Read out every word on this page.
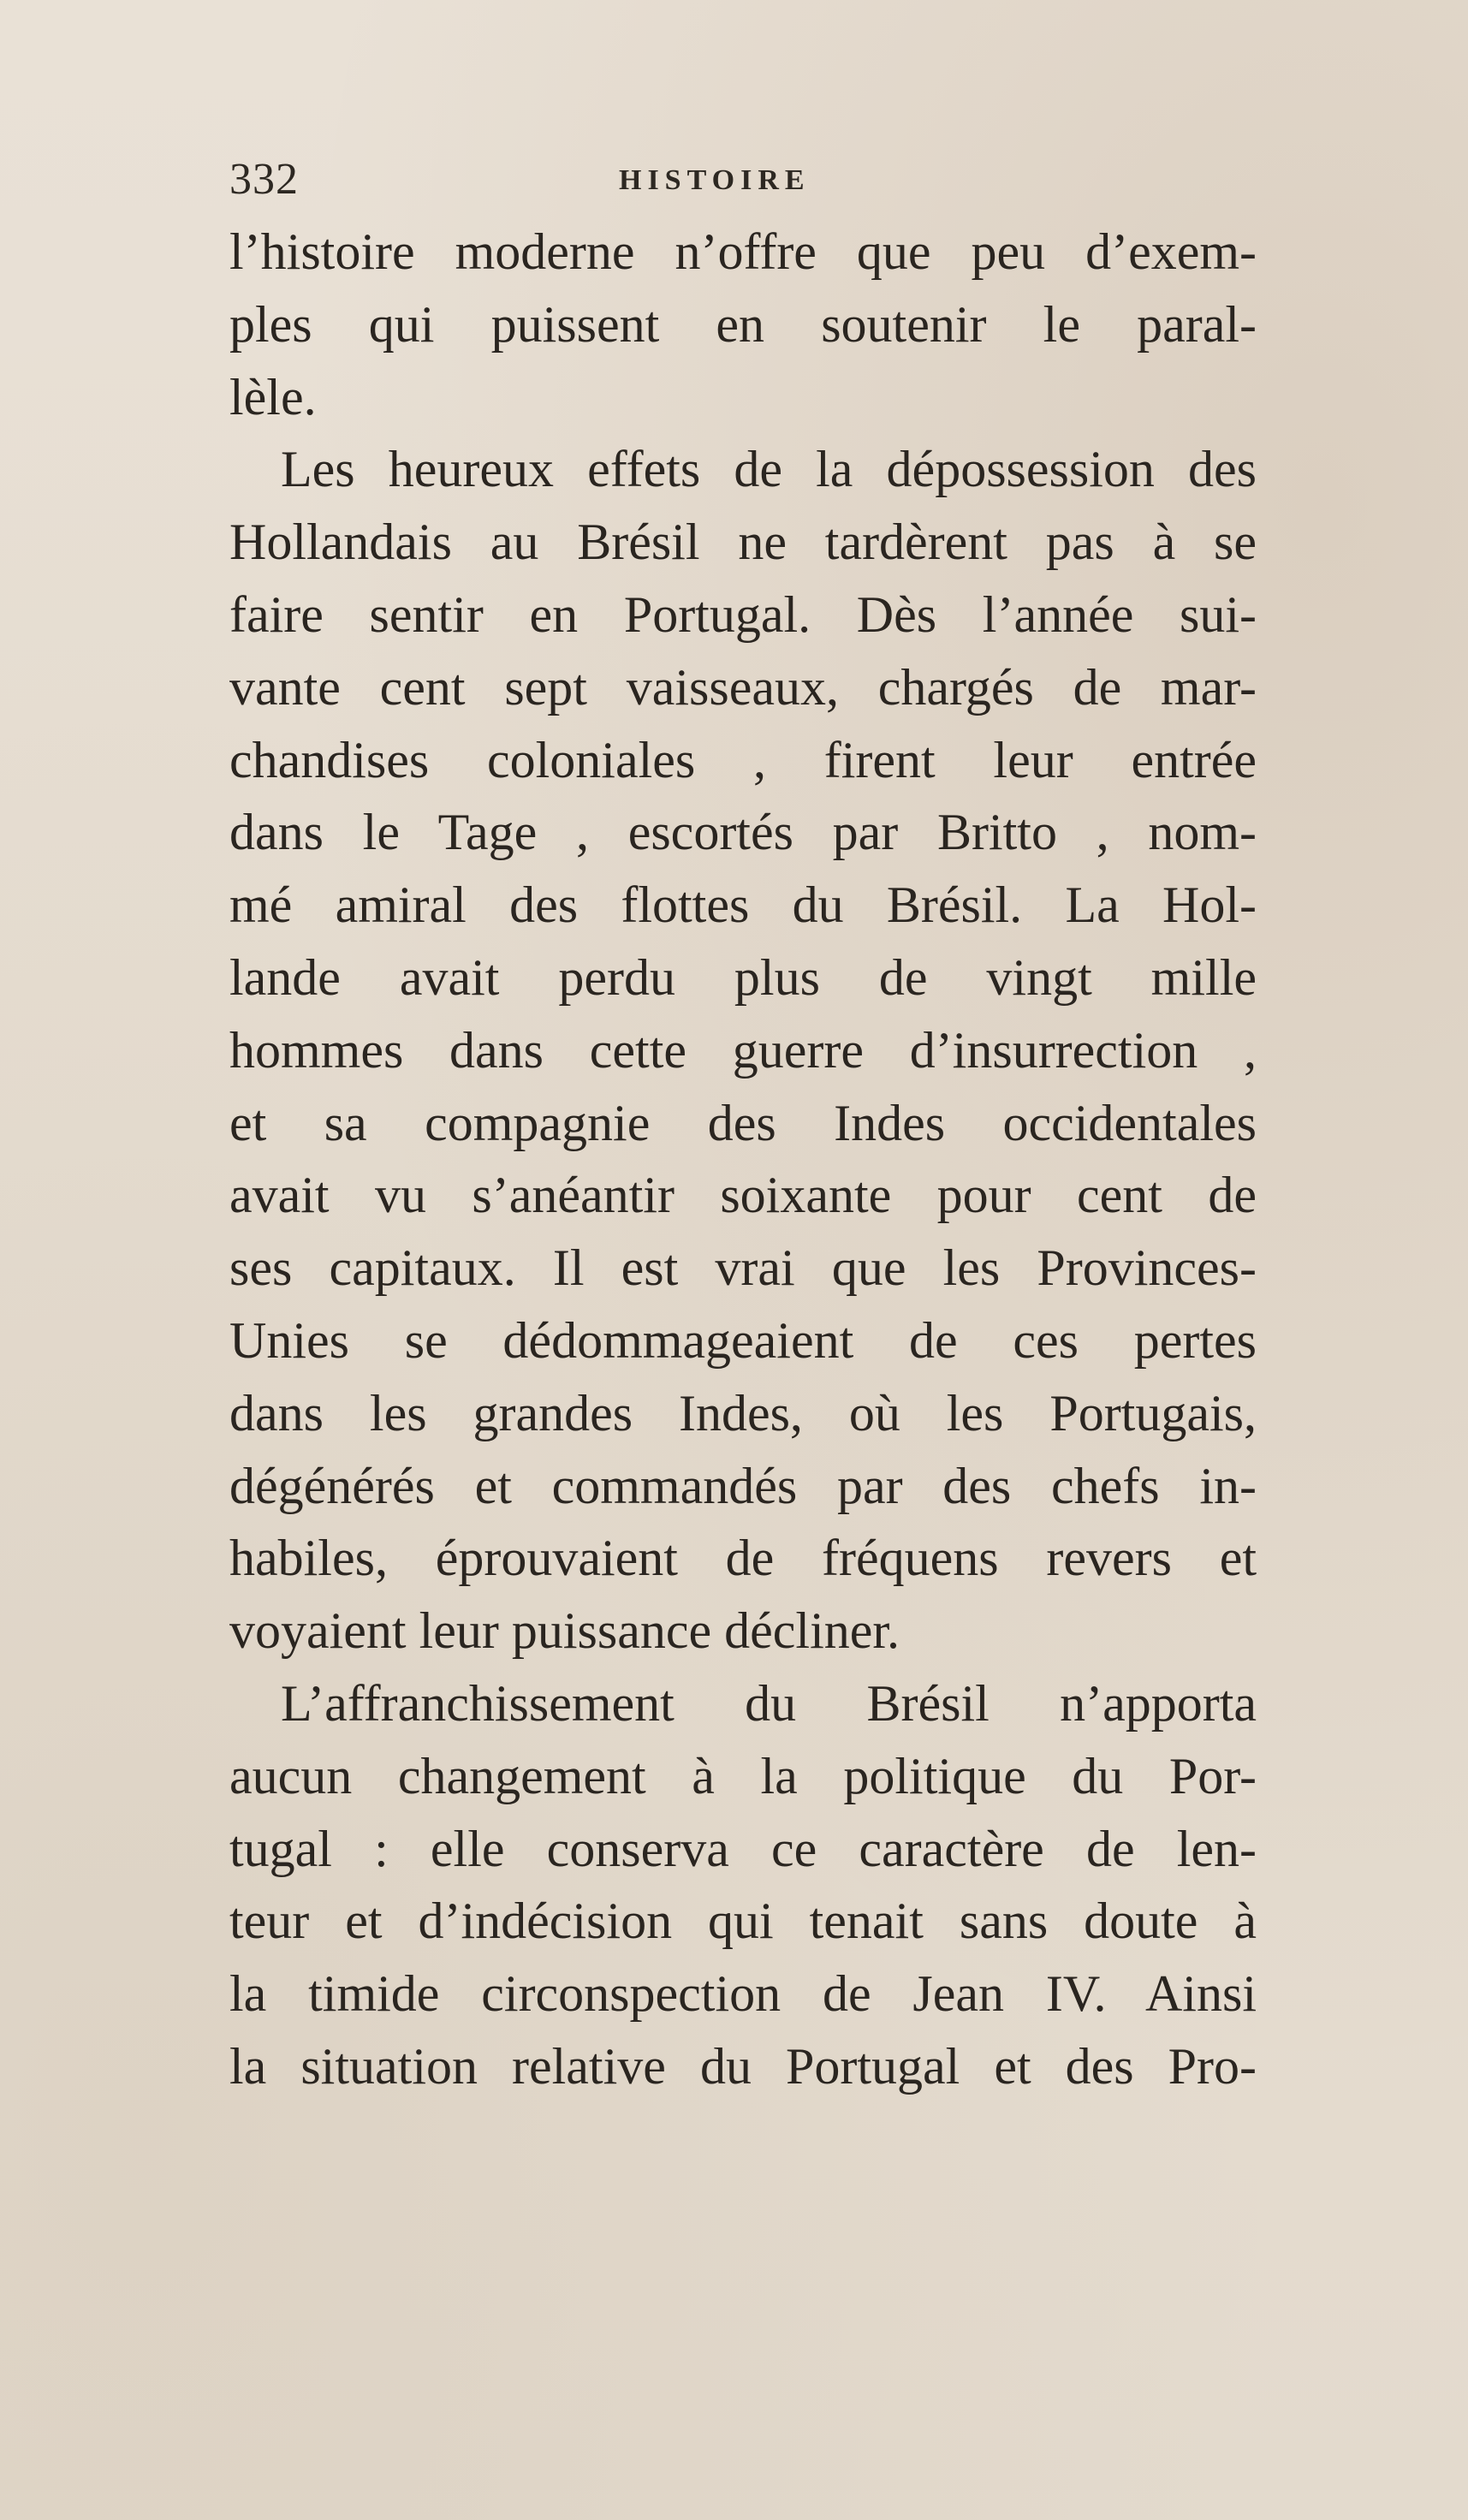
332	HISTOIRE
l’histoire moderne n’offre que peu d’exem-
ples qui puissent en soutenir le paral-
lèle.
Les heureux effets de la dépossession des
Hollandais au Brésil ne tardèrent pas à se
faire sentir en Portugal. Dès l’année sui-
vante cent sept vaisseaux, chargés de mar-
chandises coloniales , firent leur entrée
dans le Tage , escortés par Britto , nom-
mé amiral des flottes du Brésil. La Hol-
lande avait perdu plus de vingt mille
hommes dans cette guerre d’insurrection ,
et sa compagnie des Indes occidentales
avait vu s’anéantir soixante pour cent de
ses capitaux. Il est vrai que les Provinces-
Unies se dédommageaient de ces pertes
dans les grandes Indes, où les Portugais,
dégénérés et commandés par des chefs in-
habiles, éprouvaient de fréquens revers et
voyaient leur puissance décliner.
L’affranchissement du Brésil n’apporta
aucun changement à la politique du Por-
tugal : elle conserva ce caractère de len-
teur et d’indécision qui tenait sans doute à
la timide circonspection de Jean IV. Ainsi
la situation relative du Portugal et des Pro-
